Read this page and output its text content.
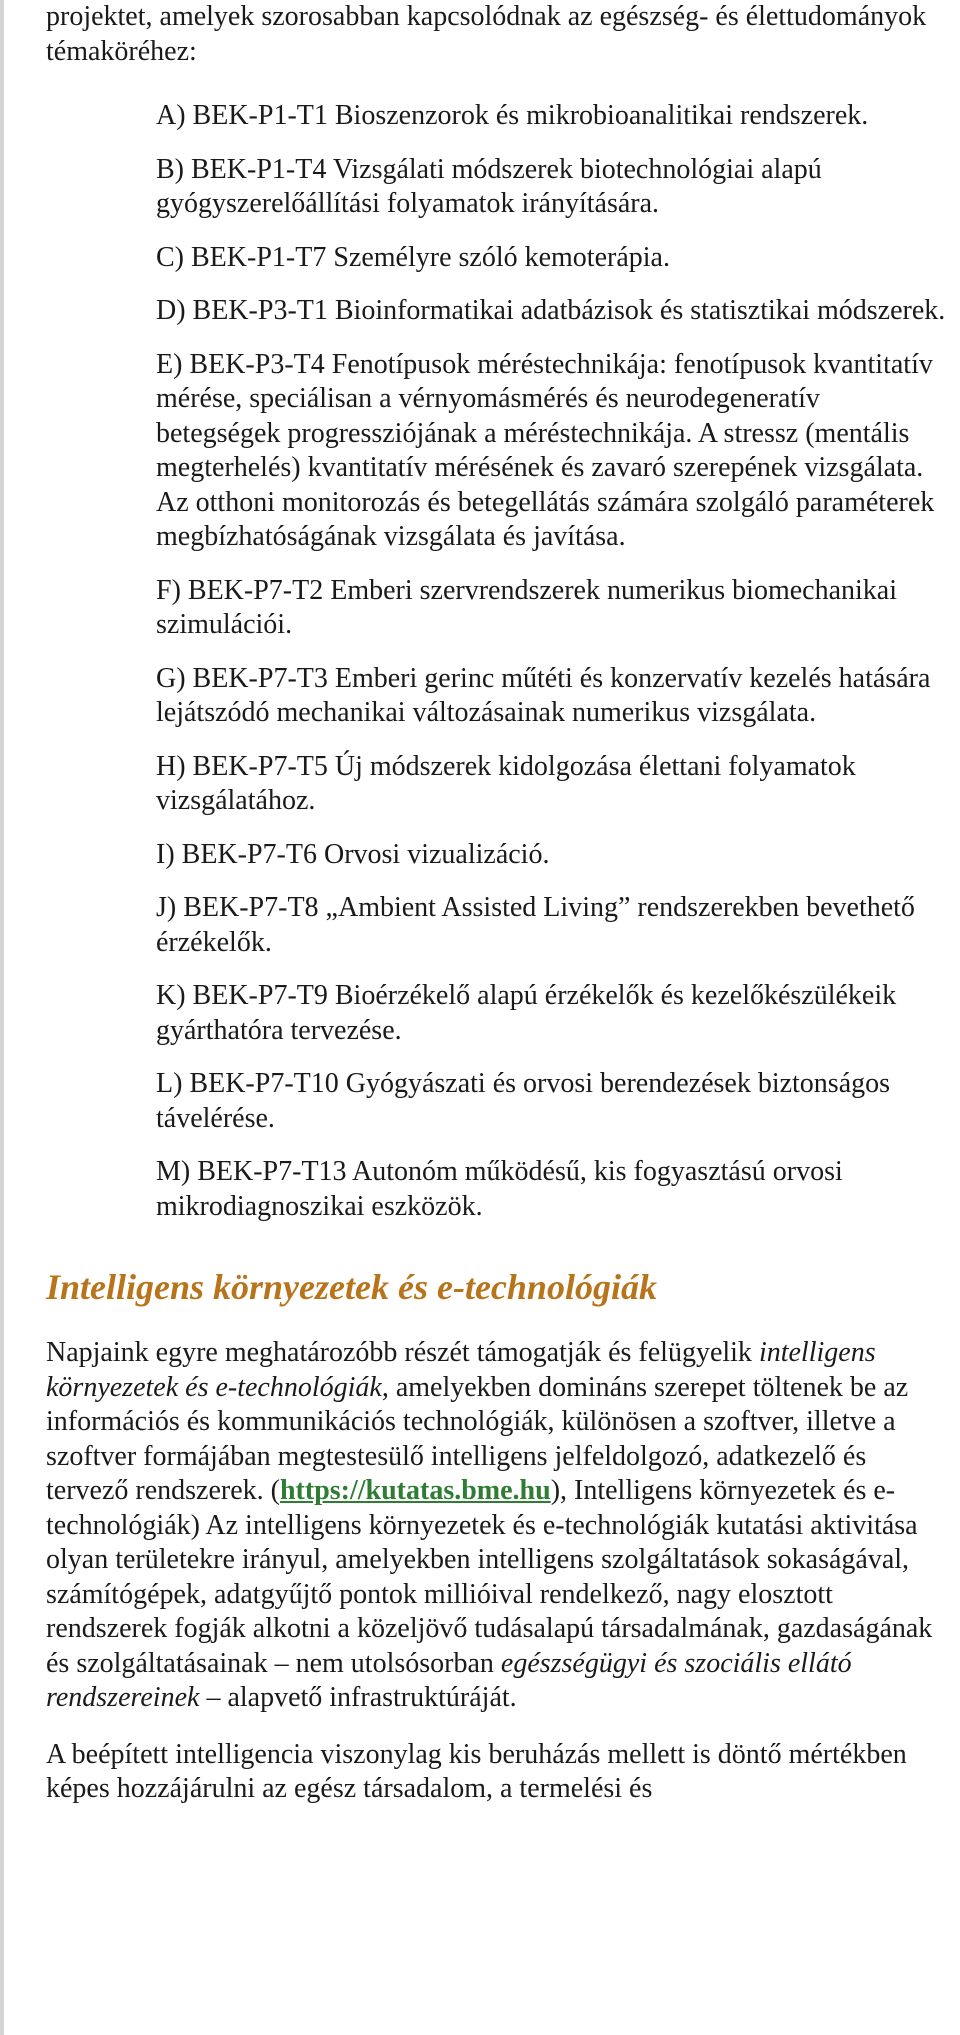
projektet, amelyek szorosabban kapcsolódnak az egészség- és élettudományok témaköréhez:

A) BEK-P1-T1 Bioszenzorok és mikrobioanalitikai rendszerek.

B) BEK-P1-T4 Vizsgálati módszerek biotechnológiai alapú gyógyszerelőállítási folyamatok irányítására.

C) BEK-P1-T7 Személyre szóló kemoterápia.

D) BEK-P3-T1 Bioinformatikai adatbázisok és statisztikai módszerek.

E) BEK-P3-T4 Fenotípusok méréstechnikája: fenotípusok kvantitatív mérése, speciálisan a vérnyomásmérés és neurodegeneratív betegségek progressziójának a méréstechnikája. A stressz (mentális megterhelés) kvantitatív mérésének és zavaró szerepének vizsgálata. Az otthoni monitorozás és betegellátás számára szolgáló paraméterek megbízhatóságának vizsgálata és javítása.

F) BEK-P7-T2 Emberi szervrendszerek numerikus biomechanikai szimulációi.

G) BEK-P7-T3 Emberi gerinc műtéti és konzervatív kezelés hatására lejátszódó mechanikai változásainak numerikus vizsgálata.

H) BEK-P7-T5 Új módszerek kidolgozása élettani folyamatok vizsgálatához.

I) BEK-P7-T6 Orvosi vizualizáció.

J) BEK-P7-T8 „Ambient Assisted Living” rendszerekben bevethető érzékelők.

K) BEK-P7-T9 Bioérzékelő alapú érzékelők és kezelőkészülékeik gyárthatóra tervezése.

L) BEK-P7-T10 Gyógyászati és orvosi berendezések biztonságos távelérése.

M) BEK-P7-T13 Autonóm működésű, kis fogyasztású orvosi mikrodiagnoszikai eszközök.

Intelligens környezetek és e-technológiák

Napjaink egyre meghatározóbb részét támogatják és felügyelik intelligens környezetek és e-technológiák, amelyekben domináns szerepet töltenek be az információs és kommunikációs technológiák, különösen a szoftver, illetve a szoftver formájában megtestesülő intelligens jelfeldolgozó, adatkezelő és tervező rendszerek. (https://kutatas.bme.hu), Intelligens környezetek és e-technológiák) Az intelligens környezetek és e-technológiák kutatási aktivitása olyan területekre irányul, amelyekben intelligens szolgáltatások sokaságával, számítógépek, adatgyűjtő pontok millióival rendelkező, nagy elosztott rendszerek fogják alkotni a közeljövő tudásalapú társadalmának, gazdaságának és szolgáltatásainak – nem utolsósorban egészségügyi és szociális ellátó rendszereinek – alapvető infrastruktúráját.

A beépített intelligencia viszonylag kis beruházás mellett is döntő mértékben képes hozzájárulni az egész társadalom, a termelési és
